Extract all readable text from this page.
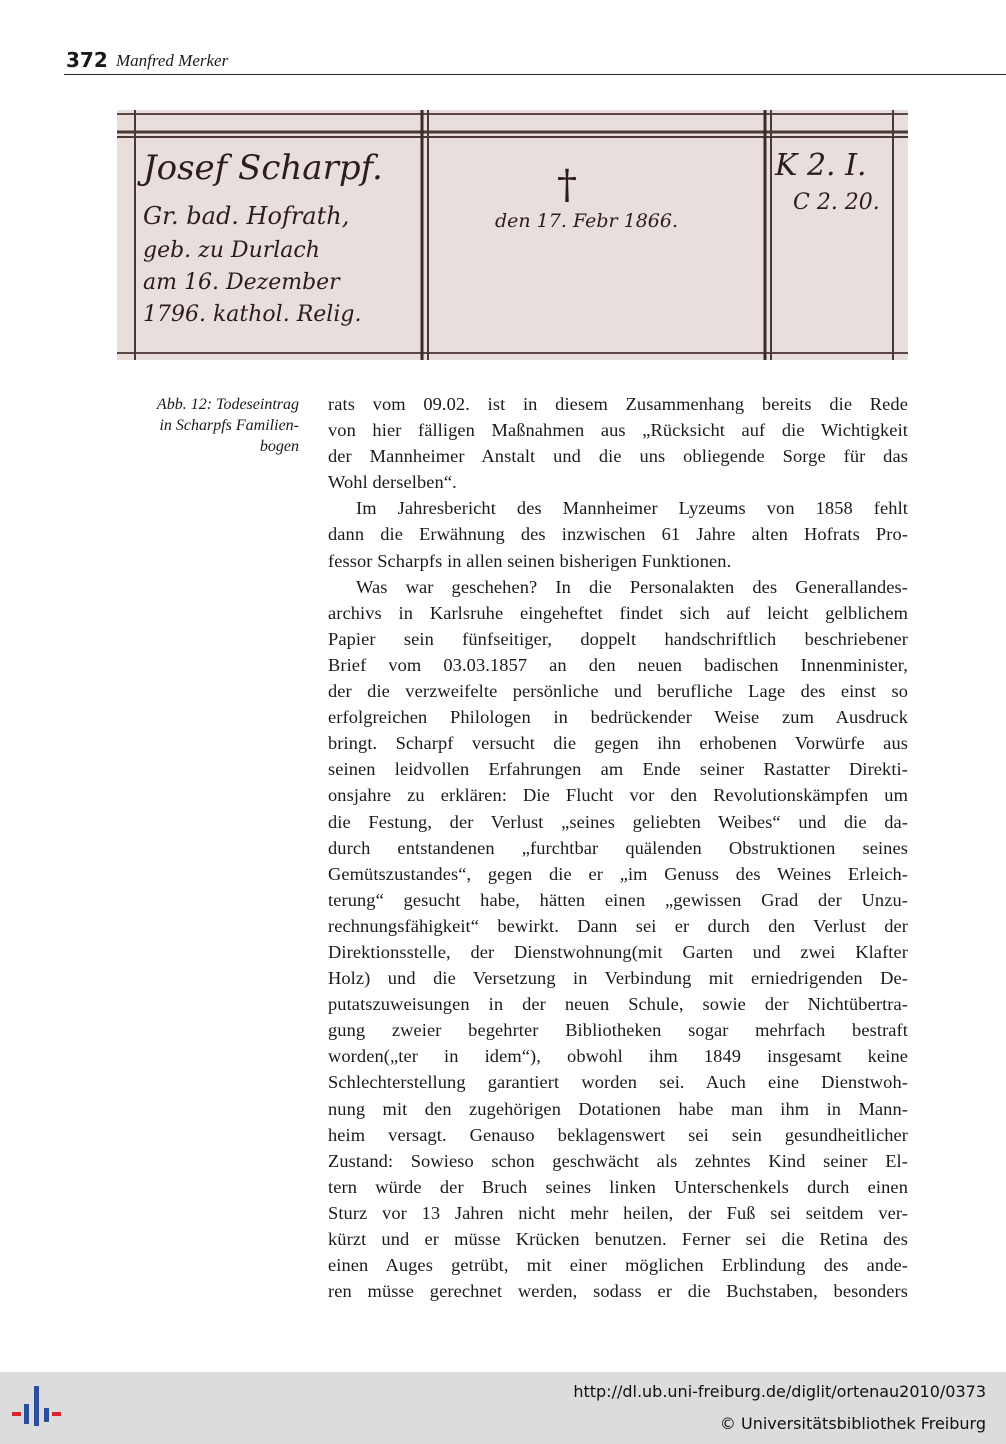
372 Manfred Merker
Josef Scharpf.
Gr. bad. Hofrath,
geb. zu Durlach
am 16. Dezember
1796. kathol. Relig.
†
den 17. Febr 1866.
K 2. I.
C 2. 20.
Abb. 12: Todeseintrag
in Scharpfs Familien-
bogen
rats vom 09.02. ist in diesem Zusammenhang bereits die Rede
von hier fälligen Maßnahmen aus „Rücksicht auf die Wichtigkeit
der Mannheimer Anstalt und die uns obliegende Sorge für das
Wohl derselben“.
Im Jahresbericht des Mannheimer Lyzeums von 1858 fehlt
dann die Erwähnung des inzwischen 61 Jahre alten Hofrats Pro-
fessor Scharpfs in allen seinen bisherigen Funktionen.
Was war geschehen? In die Personalakten des Generallandes-
archivs in Karlsruhe eingeheftet findet sich auf leicht gelblichem
Papier sein fünfseitiger, doppelt handschriftlich beschriebener
Brief vom 03.03.1857 an den neuen badischen Innenminister,
der die verzweifelte persönliche und berufliche Lage des einst so
erfolgreichen Philologen in bedrückender Weise zum Ausdruck
bringt. Scharpf versucht die gegen ihn erhobenen Vorwürfe aus
seinen leidvollen Erfahrungen am Ende seiner Rastatter Direkti-
onsjahre zu erklären: Die Flucht vor den Revolutionskämpfen um
die Festung, der Verlust „seines geliebten Weibes“ und die da-
durch entstandenen „furchtbar quälenden Obstruktionen seines
Gemütszustandes“, gegen die er „im Genuss des Weines Erleich-
terung“ gesucht habe, hätten einen „gewissen Grad der Unzu-
rechnungsfähigkeit“ bewirkt. Dann sei er durch den Verlust der
Direktionsstelle, der Dienstwohnung(mit Garten und zwei Klafter
Holz) und die Versetzung in Verbindung mit erniedrigenden De-
putatszuweisungen in der neuen Schule, sowie der Nichtübertra-
gung zweier begehrter Bibliotheken sogar mehrfach bestraft
worden(„ter in idem“), obwohl ihm 1849 insgesamt keine
Schlechterstellung garantiert worden sei. Auch eine Dienstwoh-
nung mit den zugehörigen Dotationen habe man ihm in Mann-
heim versagt. Genauso beklagenswert sei sein gesundheitlicher
Zustand: Sowieso schon geschwächt als zehntes Kind seiner El-
tern würde der Bruch seines linken Unterschenkels durch einen
Sturz vor 13 Jahren nicht mehr heilen, der Fuß sei seitdem ver-
kürzt und er müsse Krücken benutzen. Ferner sei die Retina des
einen Auges getrübt, mit einer möglichen Erblindung des ande-
ren müsse gerechnet werden, sodass er die Buchstaben, besonders
http://dl.ub.uni-freiburg.de/diglit/ortenau2010/0373
© Universitätsbibliothek Freiburg
